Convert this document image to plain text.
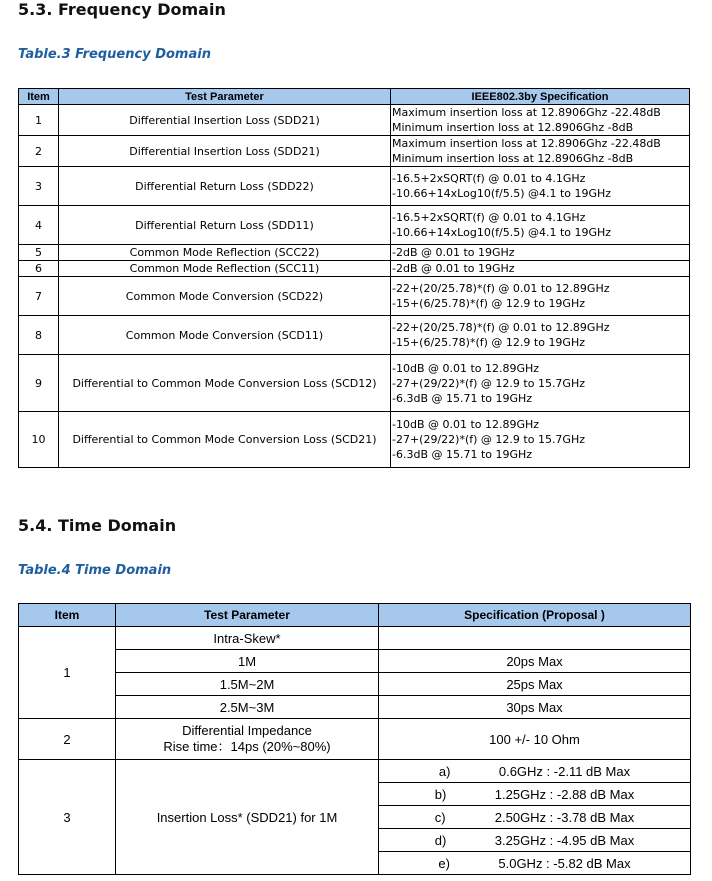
5.3. Frequency Domain
Table.3 Frequency Domain
Item	Test Parameter	IEEE802.3by Specification
1	Differential Insertion Loss (SDD21)	Maximum insertion loss at 12.8906Ghz -22.48dB
Minimum insertion loss at 12.8906Ghz -8dB

2	Differential Insertion Loss (SDD21)	Maximum insertion loss at 12.8906Ghz -22.48dB
Minimum insertion loss at 12.8906Ghz -8dB

3	Differential Return Loss (SDD22)	-16.5+2xSQRT(f) @ 0.01 to 4.1GHz
-10.66+14xLog10(f/5.5) @4.1 to 19GHz

4	Differential Return Loss (SDD11)	-16.5+2xSQRT(f) @ 0.01 to 4.1GHz
-10.66+14xLog10(f/5.5) @4.1 to 19GHz

5	Common Mode Reflection (SCC22)	-2dB @ 0.01 to 19GHz

6	Common Mode Reflection (SCC11)	-2dB @ 0.01 to 19GHz

7	Common Mode Conversion (SCD22)	-22+(20/25.78)*(f) @ 0.01 to 12.89GHz
-15+(6/25.78)*(f) @ 12.9 to 19GHz

8	Common Mode Conversion (SCD11)	-22+(20/25.78)*(f) @ 0.01 to 12.89GHz
-15+(6/25.78)*(f) @ 12.9 to 19GHz

9	Differential to Common Mode Conversion Loss (SCD12)	-10dB @ 0.01 to 12.89GHz
-27+(29/22)*(f) @ 12.9 to 15.7GHz
-6.3dB @ 15.71 to 19GHz

10	Differential to Common Mode Conversion Loss (SCD21)	-10dB @ 0.01 to 12.89GHz
-27+(29/22)*(f) @ 12.9 to 15.7GHz
-6.3dB @ 15.71 to 19GHz
5.4. Time Domain
Table.4 Time Domain
Item	Test Parameter	Specification (Proposal )
1	Intra-Skew*	
	1M	20ps Max
	1.5M~2M	25ps Max
	2.5M~3M	30ps Max
2	Differential Impedance
Rise time：14ps (20%~80%)	100 +/- 10 Ohm
3	Insertion Loss* (SDD21) for 1M	a) 0.6GHz : -2.11 dB Max
		b) 1.25GHz : -2.88 dB Max
		c) 2.50GHz : -3.78 dB Max
		d) 3.25GHz : -4.95 dB Max
		e) 5.0GHz : -5.82 dB Max
